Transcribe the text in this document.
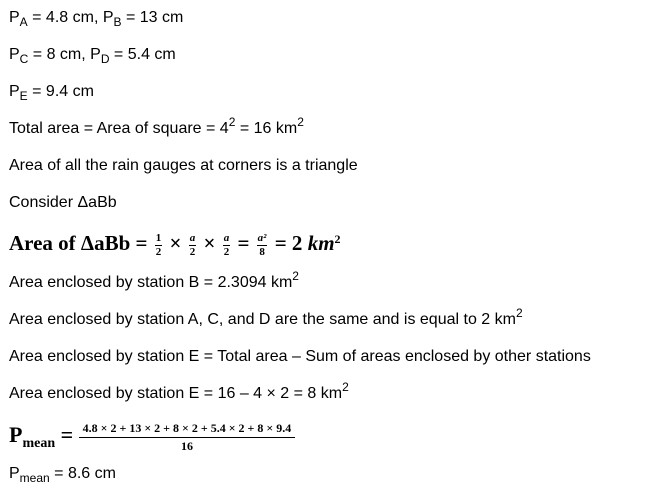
$P_A = 4.8$ cm, $P_B = 13$ cm
$P_C = 8$ cm, $P_D = 5.4$ cm
$P_E = 9.4$ cm
Total area = Area of square = $4^2 = 16$ $km^2$
Area of all the rain gauges at corners is a triangle
Consider ΔaBb
Area of $\Delta aBb = \frac{1}{2} \times \frac{a}{2} \times \frac{a}{2} = \frac{\text{a²}}{8} = 2$ $km^2$
Area enclosed by station B = 2.3094 $km^2$
Area enclosed by station A, C, and D are the same and is equal to 2 $km^2$
Area enclosed by station E = Total area – Sum of areas enclosed by other stations
Area enclosed by station E = 16 – 4 × 2 = 8 $km^2$
$P_{mean} = \frac{4.8 \times 2 + 13 \times 2 + 8 \times 2 + 5.4 \times 2 + 8 \times 9.4}{16}$
$P_{mean} = 8.6$ cm
